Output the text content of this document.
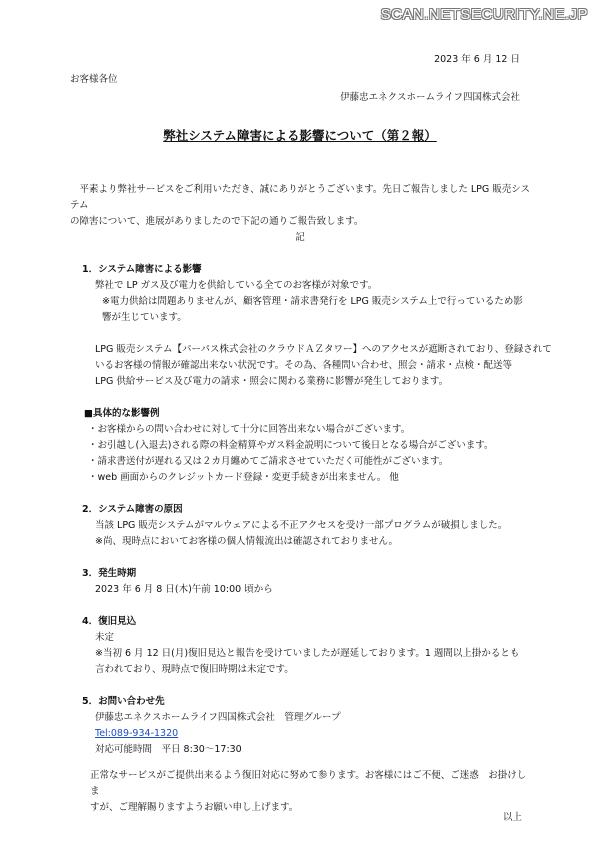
SCAN.NETSECURITY.NE.JP
2023 年 6 月 12 日
お客様各位
伊藤忠エネクスホームライフ四国株式会社
弊社システム障害による影響について（第２報）

平素より弊社サービスをご利用いただき、誠にありがとうございます。先日ご報告しました LPG 販売システム

の障害について、進展がありましたので下記の通りご報告致します。

記
1．システム障害による影響
弊社で LP ガス及び電力を供給している全てのお客様が対象です。
※電力供給は問題ありませんが、顧客管理・請求書発行を LPG 販売システム上で行っているため影
響が生じています。
LPG 販売システム【パーパス株式会社のクラウドＡＺタワー】へのアクセスが遮断されており、登録されて
いるお客様の情報が確認出来ない状況です。その為、各種問い合わせ、照会・請求・点検・配送等
LPG 供給サービス及び電力の請求・照会に関わる業務に影響が発生しております。
■具体的な影響例
・お客様からの問い合わせに対して十分に回答出来ない場合がございます。
・お引越し(入退去)される際の料金精算やガス料金説明について後日となる場合がございます。
・請求書送付が遅れる又は２カ月纏めてご請求させていただく可能性がございます。
・web 画面からのクレジットカード登録・変更手続きが出来ません。 他
2．システム障害の原因
当該 LPG 販売システムがマルウェアによる不正アクセスを受け一部プログラムが破損しました。
※尚、現時点においてお客様の個人情報流出は確認されておりません。
3．発生時期
2023 年 6 月 8 日(木)午前 10:00 頃から
4．復旧見込
未定
※当初 6 月 12 日(月)復旧見込と報告を受けていましたが遅延しております。1 週間以上掛かるとも
言われており、現時点で復旧時期は未定です。
5．お問い合わせ先
伊藤忠エネクスホームライフ四国株式会社　管理グループ
Tel:089-934-1320
対応可能時間　平日 8:30～17:30

正常なサービスがご提供出来るよう復旧対応に努めて参ります。お客様にはご不便、ご迷惑　お掛けしま

すが、ご理解賜りますようお願い申し上げます。

以上
